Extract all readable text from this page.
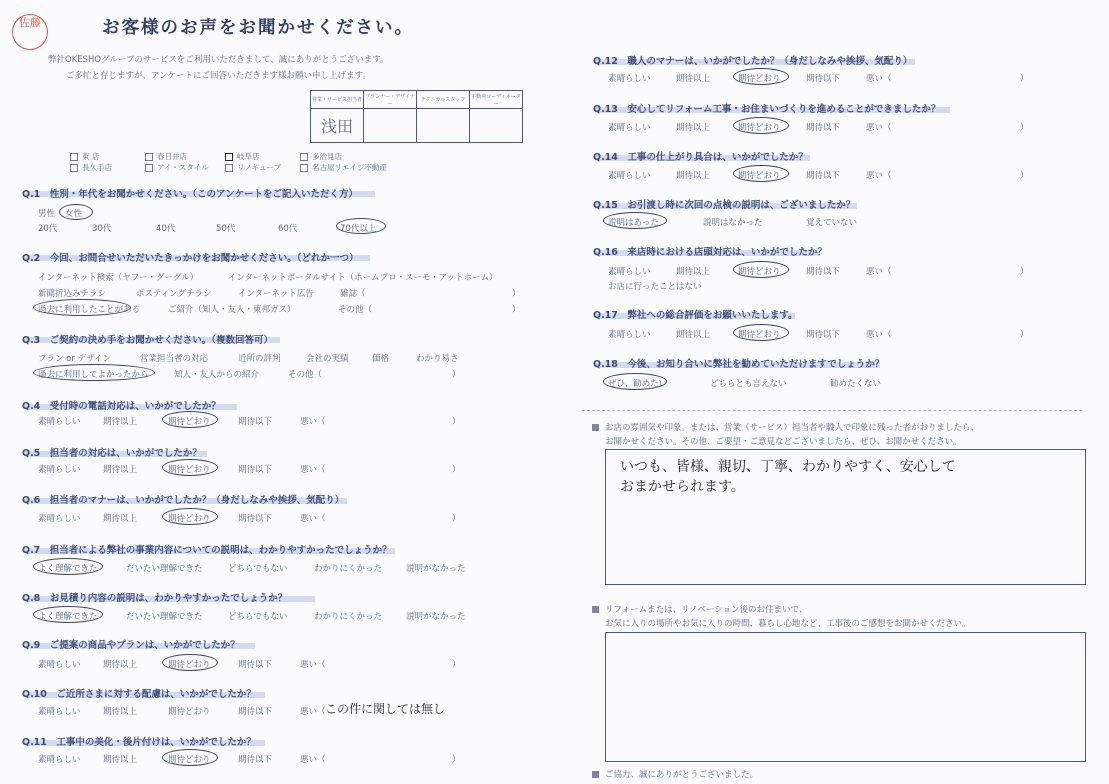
佐藤	お客様のお声をお聞かせください。
弊社OKESHOグループのサービスをご利用いただきまして、誠にありがとうございます。
ご多忙と存じますが、アンケートにご回答いただきます様お願い申し上げます。
営業・サービス担当者	プランナー・デザイナー	テクニカルスタッフ	不動産コーディネーター
浅田			
東 店	春日井店	岐阜店	多治見店
長久手店	アイ・スタイル	リノキューブ	名古屋リエイジ不動産
Q.1　性別・年代をお聞かせください。（このアンケートをご記入いただく方）
男性 女性
20代	30代	40代	50代	60代	70代以上
Q.2　今回、お問合せいただいたきっかけをお聞かせください。（どれか一つ）
インターネット検索（ヤフー・グーグル）	インターネットポータルサイト（ホームプロ・スーモ・アットホーム）
新聞折込みチラシ	ポスティングチラシ	インターネット広告	雑誌（	）
過去に利用したことがある	ご紹介（知人・友人・東邦ガス）	その他（	）
Q.3　ご契約の決め手をお聞かせください。（複数回答可）
プラン or デザイン	営業担当者の対応	近所の評判	会社の実績	価格	わかり易さ
過去に利用してよかったから	知人・友人からの紹介	その他（	）
Q.4　受付時の電話対応は、いかがでしたか？
素晴らしい	期待以上	期待どおり	期待以下	悪い（	）
Q.5　担当者の対応は、いかがでしたか？
素晴らしい	期待以上	期待どおり	期待以下	悪い（	）
Q.6　担当者のマナーは、いかがでしたか？（身だしなみや挨拶、気配り）
素晴らしい	期待以上	期待どおり	期待以下	悪い（	）
Q.7　担当者による弊社の事業内容についての説明は、わかりやすかったでしょうか？
よく理解できた	だいたい理解できた	どちらでもない	わかりにくかった	説明がなかった
Q.8　お見積り内容の説明は、わかりやすかったでしょうか？
よく理解できた	だいたい理解できた	どちらでもない	わかりにくかった	説明がなかった
Q.9　ご提案の商品やプランは、いかがでしたか？
素晴らしい	期待以上	期待どおり	期待以下	悪い（	）
Q.10　ご近所さまに対する配慮は、いかがでしたか？
素晴らしい	期待以上	期待どおり	期待以下	悪い（ この件に関しては無し
Q.11　工事中の美化・後片付けは、いかがでしたか？
素晴らしい	期待以上	期待どおり	期待以下	悪い（	）
Q.12　職人のマナーは、いかがでしたか？（身だしなみや挨拶、気配り）
素晴らしい	期待以上	期待どおり	期待以下	悪い（	）
Q.13　安心してリフォーム工事・お住まいづくりを進めることができましたか？
素晴らしい	期待以上	期待どおり	期待以下	悪い（	）
Q.14　工事の仕上がり具合は、いかがでしたか？
素晴らしい	期待以上	期待どおり	期待以下	悪い（	）
Q.15　お引渡し時に次回の点検の説明は、ございましたか？
説明はあった	説明はなかった	覚えていない
Q.16　来店時における店頭対応は、いかがでしたか？
素晴らしい	期待以上	期待どおり	期待以下	悪い（	）
お店に行ったことはない
Q.17　弊社への総合評価をお願いいたします。
素晴らしい	期待以上	期待どおり	期待以下	悪い（	）
Q.18　今後、お知り合いに弊社を勧めていただけますでしょうか？
ぜひ、勧めたい	どちらとも言えない	勧めたくない
お店の雰囲気や印象。または、営業（サービス）担当者や職人で印象に残った者がおりましたら、
お聞かせください。その他、ご要望・ご意見などございましたら、ぜひ、お聞かせください。
いつも、皆様、親切、丁寧、わかりやすく、安心して
おまかせられます。
リフォームまたは、リノベーション後のお住まいで、
お気に入りの場所やお気に入りの時間、暮らし心地など、工事後のご感想をお聞かせください。
ご協力、誠にありがとうございました。
